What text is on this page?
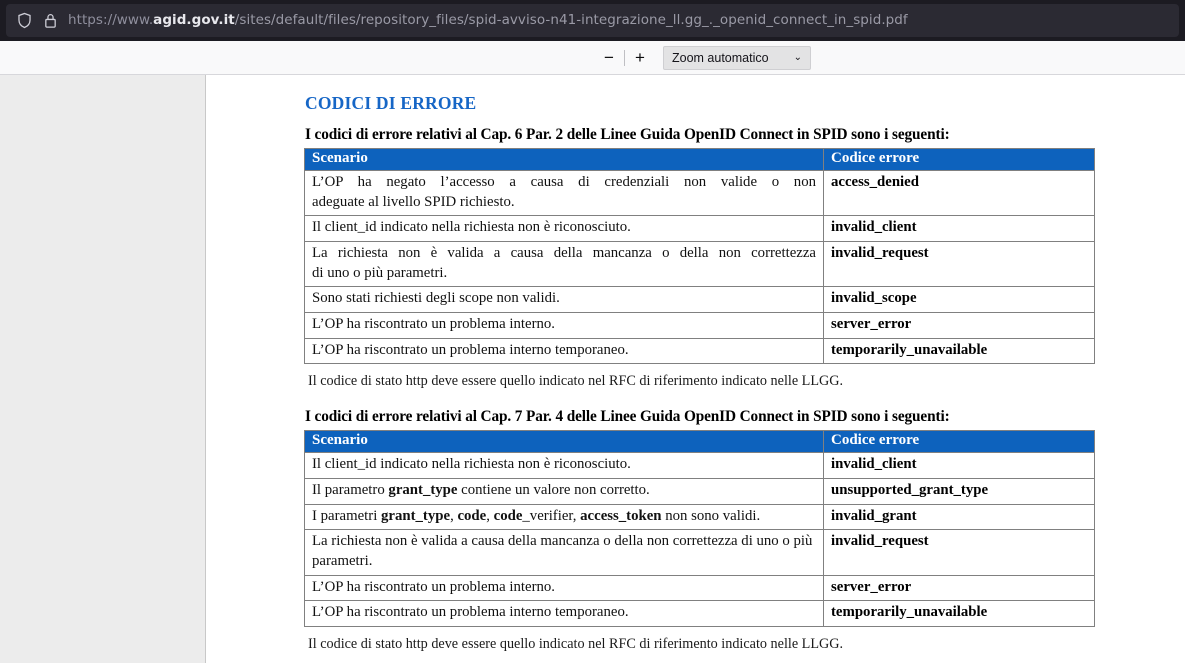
https://www.agid.gov.it/sites/default/files/repository_files/spid-avviso-n41-integrazione_ll.gg_._openid_connect_in_spid.pdf
−	+	Zoom automatico	⌄
CODICI DI ERRORE
I codici di errore relativi al Cap. 6 Par. 2 delle Linee Guida OpenID Connect in SPID sono i seguenti:
Scenario	Codice errore

L’OP ha negato l’accesso a causa di credenziali non valide o non
adeguate al livello SPID richiesto.	access_denied
Il client_id indicato nella richiesta non è riconosciuto.	invalid_client

La richiesta non è valida a causa della mancanza o della non correttezza
di uno o più parametri.	invalid_request
Sono stati richiesti degli scope non validi.	invalid_scope
L’OP ha riscontrato un problema interno.	server_error
L’OP ha riscontrato un problema interno temporaneo.	temporarily_unavailable
Il codice di stato http deve essere quello indicato nel RFC di riferimento indicato nelle LLGG.
I codici di errore relativi al Cap. 7 Par. 4 delle Linee Guida OpenID Connect in SPID sono i seguenti:
Scenario	Codice errore
Il client_id indicato nella richiesta non è riconosciuto.	invalid_client
Il parametro grant_type contiene un valore non corretto.	unsupported_grant_type
I parametri grant_type, code, code_verifier, access_token non sono validi.	invalid_grant
La richiesta non è valida a causa della mancanza o della non correttezza di uno o più parametri.	invalid_request
L’OP ha riscontrato un problema interno.	server_error
L’OP ha riscontrato un problema interno temporaneo.	temporarily_unavailable
Il codice di stato http deve essere quello indicato nel RFC di riferimento indicato nelle LLGG.
